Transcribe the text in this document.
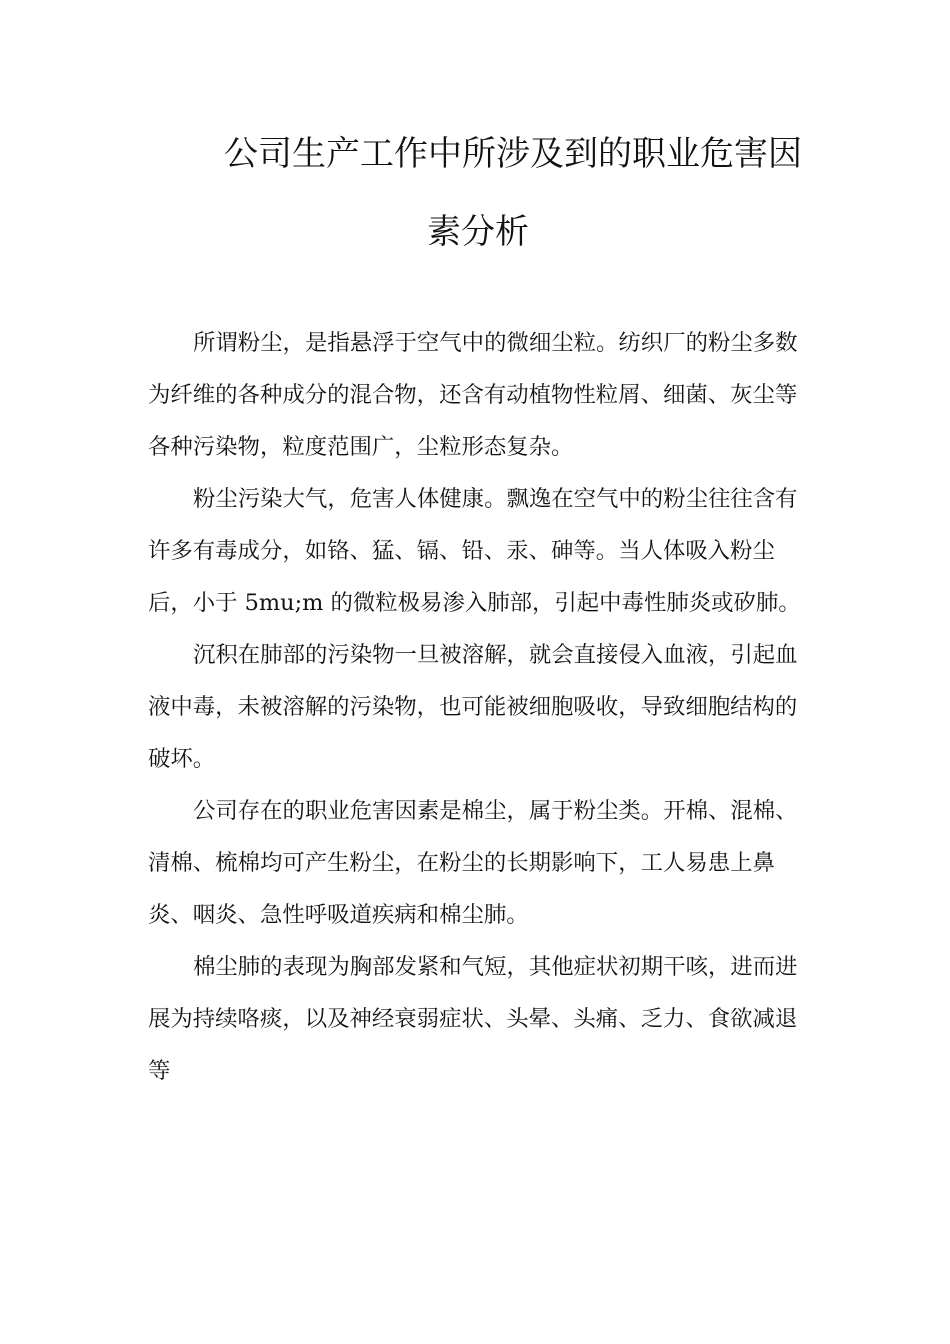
公司生产工作中所涉及到的职业危害因
素分析

所谓粉尘，是指悬浮于空气中的微细尘粒。纺织厂的粉尘多数
为纤维的各种成分的混合物，还含有动植物性粒屑、细菌、灰尘等
各种污染物，粒度范围广，尘粒形态复杂。

粉尘污染大气，危害人体健康。飘逸在空气中的粉尘往往含有
许多有毒成分，如铬、猛、镉、铅、汞、砷等。当人体吸入粉尘
后，小于 5mu;m 的微粒极易渗入肺部，引起中毒性肺炎或矽肺。

沉积在肺部的污染物一旦被溶解，就会直接侵入血液，引起血
液中毒，未被溶解的污染物，也可能被细胞吸收，导致细胞结构的
破坏。

公司存在的职业危害因素是棉尘，属于粉尘类。开棉、混棉、
清棉、梳棉均可产生粉尘，在粉尘的长期影响下，工人易患上鼻
炎、咽炎、急性呼吸道疾病和棉尘肺。

棉尘肺的表现为胸部发紧和气短，其他症状初期干咳，进而进
展为持续咯痰，以及神经衰弱症状、头晕、头痛、乏力、食欲减退
等
